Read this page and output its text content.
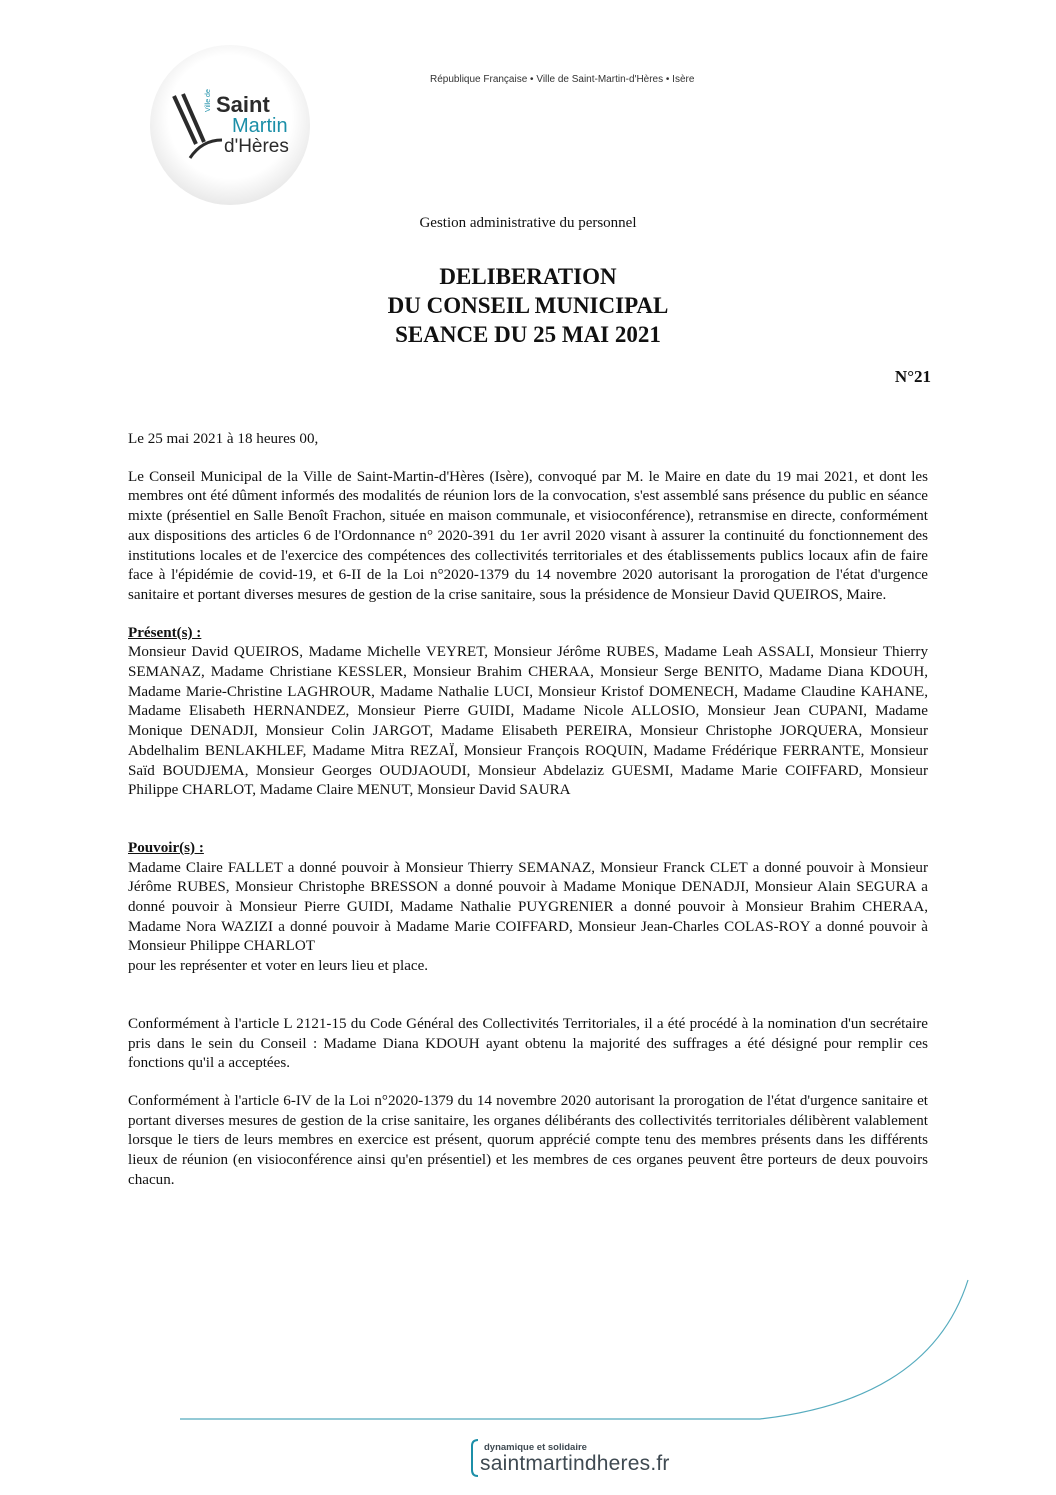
Ville de Saint
Martin
d'Hères
République Française • Ville de Saint-Martin-d'Hères • Isère
Gestion administrative du personnel
DELIBERATION
DU CONSEIL MUNICIPAL
SEANCE DU 25 MAI 2021
N°21

Le 25 mai 2021 à 18 heures 00,

Le Conseil Municipal de la Ville de Saint-Martin-d'Hères (Isère), convoqué par M. le Maire en date du 19 mai 2021, et dont les membres ont été dûment informés des modalités de réunion lors de la convocation, s'est assemblé sans présence du public en séance mixte (présentiel en Salle Benoît Frachon, située en maison communale, et visioconférence), retransmise en directe, conformément aux dispositions des articles 6 de l'Ordonnance n° 2020-391 du 1er avril 2020 visant à assurer la continuité du fonctionnement des institutions locales et de l'exercice des compétences des collectivités territoriales et des établissements publics locaux afin de faire face à l'épidémie de covid-19, et 6-II de la Loi n°2020-1379 du 14 novembre 2020 autorisant la prorogation de l'état d'urgence sanitaire et portant diverses mesures de gestion de la crise sanitaire, sous la présidence de Monsieur David QUEIROS, Maire.

Présent(s) :

Monsieur David QUEIROS, Madame Michelle VEYRET, Monsieur Jérôme RUBES, Madame Leah ASSALI, Monsieur Thierry SEMANAZ, Madame Christiane KESSLER, Monsieur Brahim CHERAA, Monsieur Serge BENITO, Madame Diana KDOUH, Madame Marie-Christine LAGHROUR, Madame Nathalie LUCI, Monsieur Kristof DOMENECH, Madame Claudine KAHANE, Madame Elisabeth HERNANDEZ, Monsieur Pierre GUIDI, Madame Nicole ALLOSIO, Monsieur Jean CUPANI, Madame Monique DENADJI, Monsieur Colin JARGOT, Madame Elisabeth PEREIRA, Monsieur Christophe JORQUERA, Monsieur Abdelhalim BENLAKHLEF, Madame Mitra REZAÏ, Monsieur François ROQUIN, Madame Frédérique FERRANTE, Monsieur Saïd BOUDJEMA, Monsieur Georges OUDJAOUDI, Monsieur Abdelaziz GUESMI, Madame Marie COIFFARD, Monsieur Philippe CHARLOT, Madame Claire MENUT, Monsieur David SAURA

Pouvoir(s) :

Madame Claire FALLET a donné pouvoir à Monsieur Thierry SEMANAZ, Monsieur Franck CLET a donné pouvoir à Monsieur Jérôme RUBES, Monsieur Christophe BRESSON a donné pouvoir à Madame Monique DENADJI, Monsieur Alain SEGURA a donné pouvoir à Monsieur Pierre GUIDI, Madame Nathalie PUYGRENIER a donné pouvoir à Monsieur Brahim CHERAA, Madame Nora WAZIZI a donné pouvoir à Madame Marie COIFFARD, Monsieur Jean-Charles COLAS-ROY a donné pouvoir à Monsieur Philippe CHARLOT

pour les représenter et voter en leurs lieu et place.

Conformément à l'article L 2121-15 du Code Général des Collectivités Territoriales, il a été procédé à la nomination d'un secrétaire pris dans le sein du Conseil : Madame Diana KDOUH ayant obtenu la majorité des suffrages a été désigné pour remplir ces fonctions qu'il a acceptées.

Conformément à l'article 6-IV de la Loi n°2020-1379 du 14 novembre 2020 autorisant la prorogation de l'état d'urgence sanitaire et portant diverses mesures de gestion de la crise sanitaire, les organes délibérants des collectivités territoriales délibèrent valablement lorsque le tiers de leurs membres en exercice est présent, quorum apprécié compte tenu des membres présents dans les différents lieux de réunion (en visioconférence ainsi qu'en présentiel) et les membres de ces organes peuvent être porteurs de deux pouvoirs chacun.

dynamique et solidaire
saintmartindheres.fr
